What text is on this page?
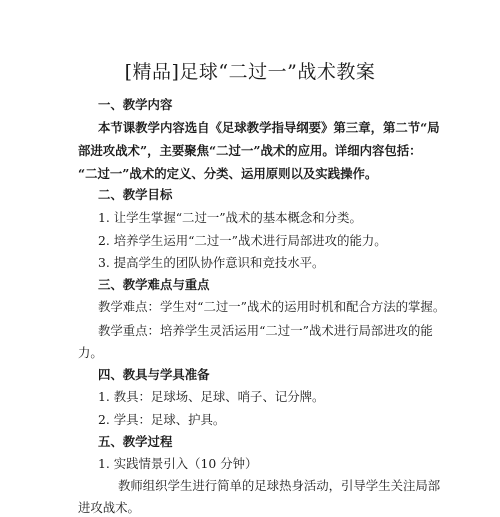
[精品]足球“二过一”战术教案
一、教学内容
本节课教学内容选自《足球教学指导纲要》第三章，第二节“局
部进攻战术”，主要聚焦“二过一”战术的应用。详细内容包括：
“二过一”战术的定义、分类、运用原则以及实践操作。
二、教学目标
1. 让学生掌握“二过一”战术的基本概念和分类。
2. 培养学生运用“二过一”战术进行局部进攻的能力。
3. 提高学生的团队协作意识和竞技水平。
三、教学难点与重点
教学难点：学生对“二过一”战术的运用时机和配合方法的掌握。
教学重点：培养学生灵活运用“二过一”战术进行局部进攻的能
力。
四、教具与学具准备
1. 教具：足球场、足球、哨子、记分牌。
2. 学具：足球、护具。
五、教学过程
1. 实践情景引入（10 分钟）
教师组织学生进行简单的足球热身活动，引导学生关注局部
进攻战术。
